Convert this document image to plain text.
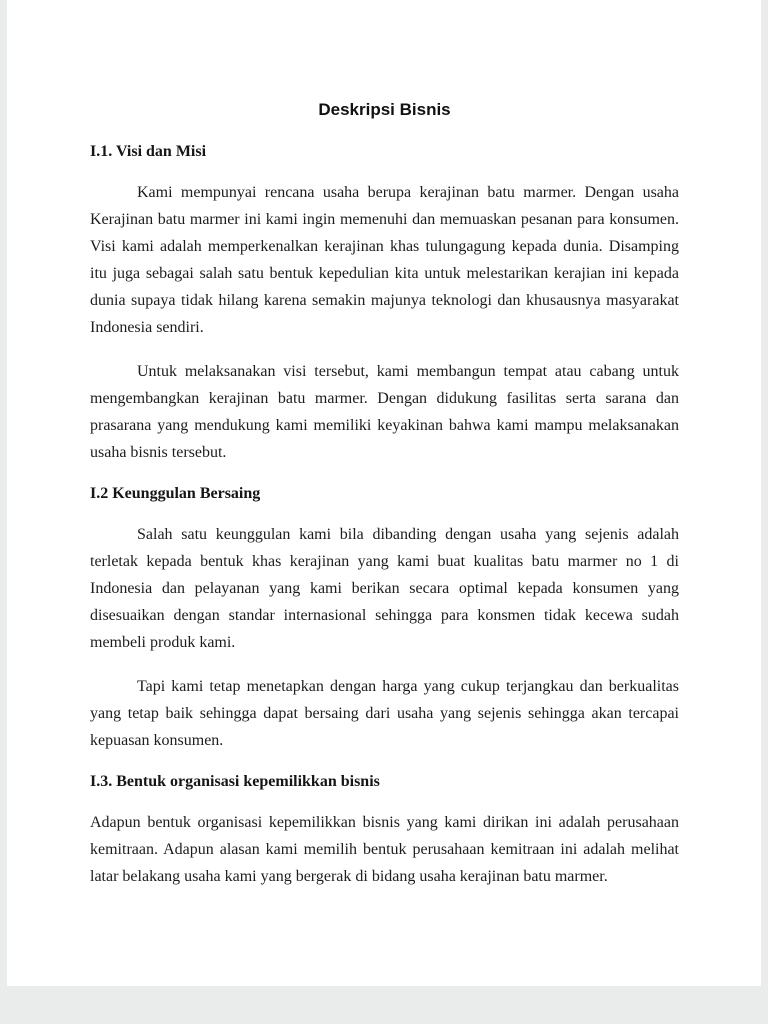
Deskripsi Bisnis
I.1. Visi dan Misi

Kami mempunyai rencana usaha berupa kerajinan batu marmer. Dengan usaha Kerajinan batu marmer ini kami ingin memenuhi dan memuaskan pesanan para konsumen. Visi kami adalah memperkenalkan kerajinan khas tulungagung kepada dunia. Disamping itu juga sebagai salah satu bentuk kepedulian kita untuk melestarikan kerajian ini kepada dunia supaya tidak hilang karena semakin majunya teknologi dan khusausnya masyarakat Indonesia sendiri.

Untuk melaksanakan visi tersebut, kami membangun tempat atau cabang untuk mengembangkan kerajinan batu marmer. Dengan didukung fasilitas serta sarana dan prasarana yang mendukung kami memiliki keyakinan bahwa kami mampu melaksanakan usaha bisnis tersebut.

I.2 Keunggulan Bersaing

Salah satu keunggulan kami bila dibanding dengan usaha yang sejenis adalah terletak kepada bentuk khas kerajinan yang kami buat kualitas batu marmer no 1 di Indonesia dan pelayanan yang kami berikan secara optimal kepada konsumen yang disesuaikan dengan standar internasional sehingga para konsmen tidak kecewa sudah membeli produk kami.

Tapi kami tetap menetapkan dengan harga yang cukup terjangkau dan berkualitas yang tetap baik sehingga dapat bersaing dari usaha yang sejenis sehingga akan tercapai kepuasan konsumen.

I.3. Bentuk organisasi kepemilikkan bisnis

Adapun bentuk organisasi kepemilikkan bisnis yang kami dirikan ini adalah perusahaan kemitraan. Adapun alasan kami memilih bentuk perusahaan kemitraan ini adalah melihat latar belakang usaha kami yang bergerak di bidang usaha kerajinan batu marmer.
